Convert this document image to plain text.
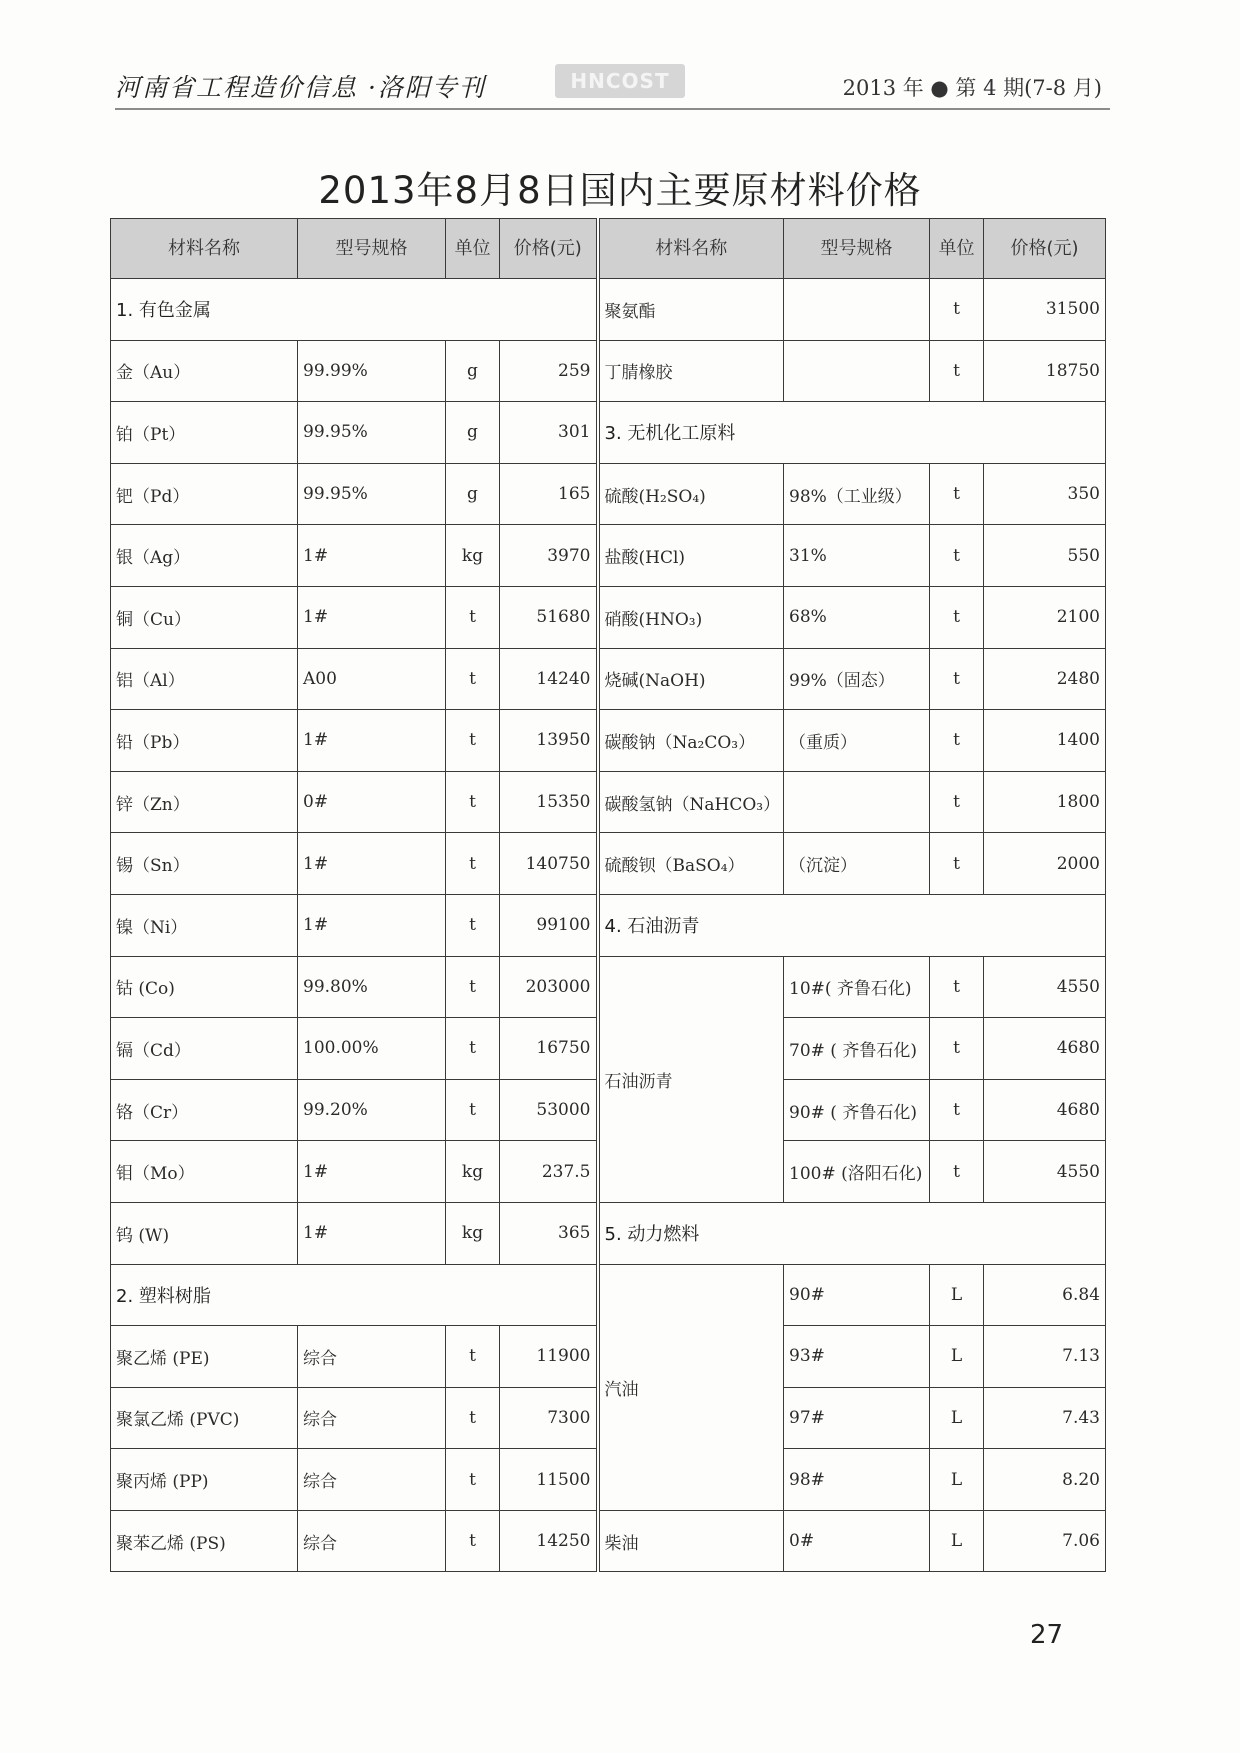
河南省工程造价信息 ·洛阳专刊	HNCOST	2013 年 ● 第 4 期(7-8 月)
2013年8月8日国内主要原材料价格
材料名称	型号规格	单位	价格(元)	材料名称	型号规格	单位	价格(元)
1. 有色金属				聚氨酯		t	31500
金（Au）	99.99%	g	259	丁腈橡胶		t	18750
铂（Pt）	99.95%	g	301	3. 无机化工原料			
钯（Pd）	99.95%	g	165	硫酸(H₂SO₄)	98%（工业级）	t	350
银（Ag）	1#	kg	3970	盐酸(HCl)	31%	t	550
铜（Cu）	1#	t	51680	硝酸(HNO₃)	68%	t	2100
铝（Al）	A00	t	14240	烧碱(NaOH)	99%（固态）	t	2480
铅（Pb）	1#	t	13950	碳酸钠（Na₂CO₃）	（重质）	t	1400
锌（Zn）	0#	t	15350	碳酸氢钠（NaHCO₃）		t	1800
锡（Sn）	1#	t	140750	硫酸钡（BaSO₄）	（沉淀）	t	2000
镍（Ni）	1#	t	99100	4. 石油沥青			
钴 (Co)	99.80%	t	203000	石油沥青	10#( 齐鲁石化)	t	4550
镉（Cd）	100.00%	t	16750		70# ( 齐鲁石化)	t	4680
铬（Cr）	99.20%	t	53000		90# ( 齐鲁石化)	t	4680
钼（Mo）	1#	kg	237.5		100# (洛阳石化)	t	4550
钨 (W)	1#	kg	365	5. 动力燃料			
2. 塑料树脂				汽油	90#	L	6.84
聚乙烯 (PE)	综合	t	11900		93#	L	7.13
聚氯乙烯 (PVC)	综合	t	7300		97#	L	7.43
聚丙烯 (PP)	综合	t	11500		98#	L	8.20
聚苯乙烯 (PS)	综合	t	14250	柴油	0#	L	7.06
27
